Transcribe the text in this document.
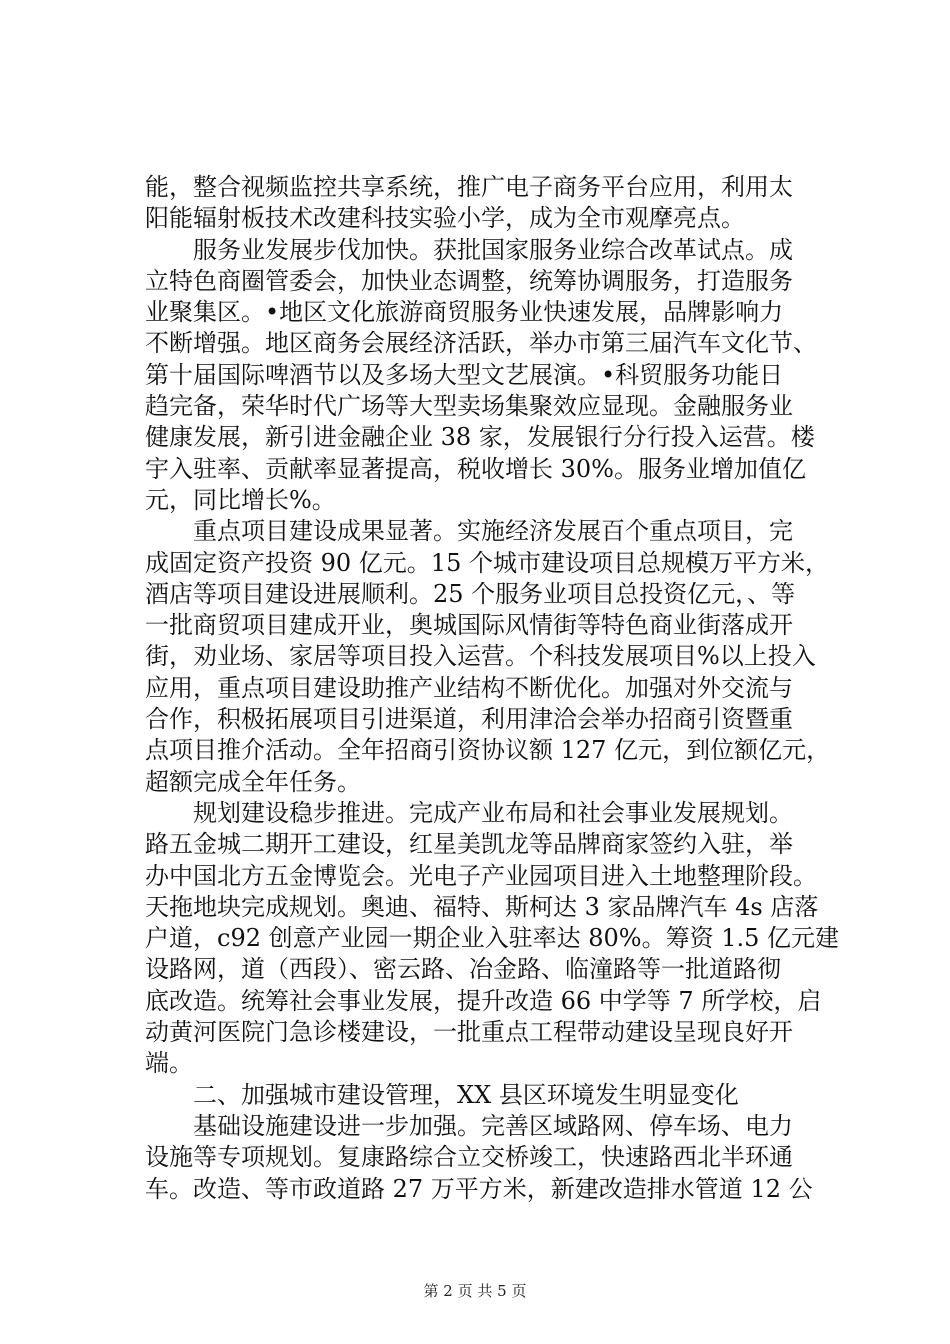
能，整合视频监控共享系统，推广电子商务平台应用，利用太
阳能辐射板技术改建科技实验小学，成为全市观摩亮点。
服务业发展步伐加快。获批国家服务业综合改革试点。成
立特色商圈管委会，加快业态调整，统筹协调服务，打造服务
业聚集区。•地区文化旅游商贸服务业快速发展，品牌影响力
不断增强。地区商务会展经济活跃，举办市第三届汽车文化节、
第十届国际啤酒节以及多场大型文艺展演。•科贸服务功能日
趋完备，荣华时代广场等大型卖场集聚效应显现。金融服务业
健康发展，新引进金融企业 38 家，发展银行分行投入运营。楼
宇入驻率、贡献率显著提高，税收增长 30%。服务业增加值亿
元，同比增长%。
重点项目建设成果显著。实施经济发展百个重点项目，完
成固定资产投资 90 亿元。15 个城市建设项目总规模万平方米，
酒店等项目建设进展顺利。25 个服务业项目总投资亿元，、等
一批商贸项目建成开业，奥城国际风情街等特色商业街落成开
街，劝业场、家居等项目投入运营。个科技发展项目%以上投入
应用，重点项目建设助推产业结构不断优化。加强对外交流与
合作，积极拓展项目引进渠道，利用津洽会举办招商引资暨重
点项目推介活动。全年招商引资协议额 127 亿元，到位额亿元，
超额完成全年任务。
规划建设稳步推进。完成产业布局和社会事业发展规划。
路五金城二期开工建设，红星美凯龙等品牌商家签约入驻，举
办中国北方五金博览会。光电子产业园项目进入土地整理阶段。
天拖地块完成规划。奥迪、福特、斯柯达 3 家品牌汽车 4s 店落
户道，c92 创意产业园一期企业入驻率达 80%。筹资 1.5 亿元建
设路网，道（西段）、密云路、冶金路、临潼路等一批道路彻
底改造。统筹社会事业发展，提升改造 66 中学等 7 所学校，启
动黄河医院门急诊楼建设，一批重点工程带动建设呈现良好开
端。
二、加强城市建设管理，XX 县区环境发生明显变化
基础设施建设进一步加强。完善区域路网、停车场、电力
设施等专项规划。复康路综合立交桥竣工，快速路西北半环通
车。改造、等市政道路 27 万平方米，新建改造排水管道 12 公
第 2 页 共 5 页
